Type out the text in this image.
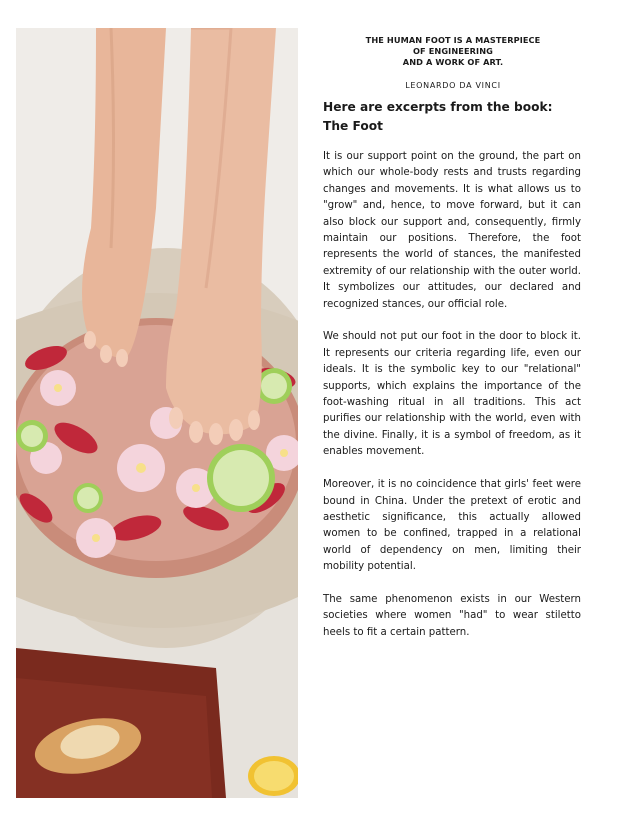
THE HUMAN FOOT IS A MASTERPIECE
OF ENGINEERING
AND A WORK OF ART.
LEONARDO DA VINCI
Here are excerpts from the book:
The Foot

It is our support point on the ground, the part on which our whole-body rests and trusts regarding changes and movements. It is what allows us to "grow" and, hence, to move forward, but it can also block our support and, consequently, firmly maintain our positions. Therefore, the foot represents the world of stances, the manifested extremity of our relationship with the outer world. It symbolizes our attitudes, our declared and recognized stances, our official role.

We should not put our foot in the door to block it. It represents our criteria regarding life, even our ideals. It is the symbolic key to our "relational" supports, which explains the importance of the foot-washing ritual in all traditions. This act purifies our relationship with the world, even with the divine. Finally, it is a symbol of freedom, as it enables movement.

Moreover, it is no coincidence that girls' feet were bound in China. Under the pretext of erotic and aesthetic significance, this actually allowed women to be confined, trapped in a relational world of dependency on men, limiting their mobility potential.

The same phenomenon exists in our Western societies where women "had" to wear stiletto heels to fit a certain pattern.
